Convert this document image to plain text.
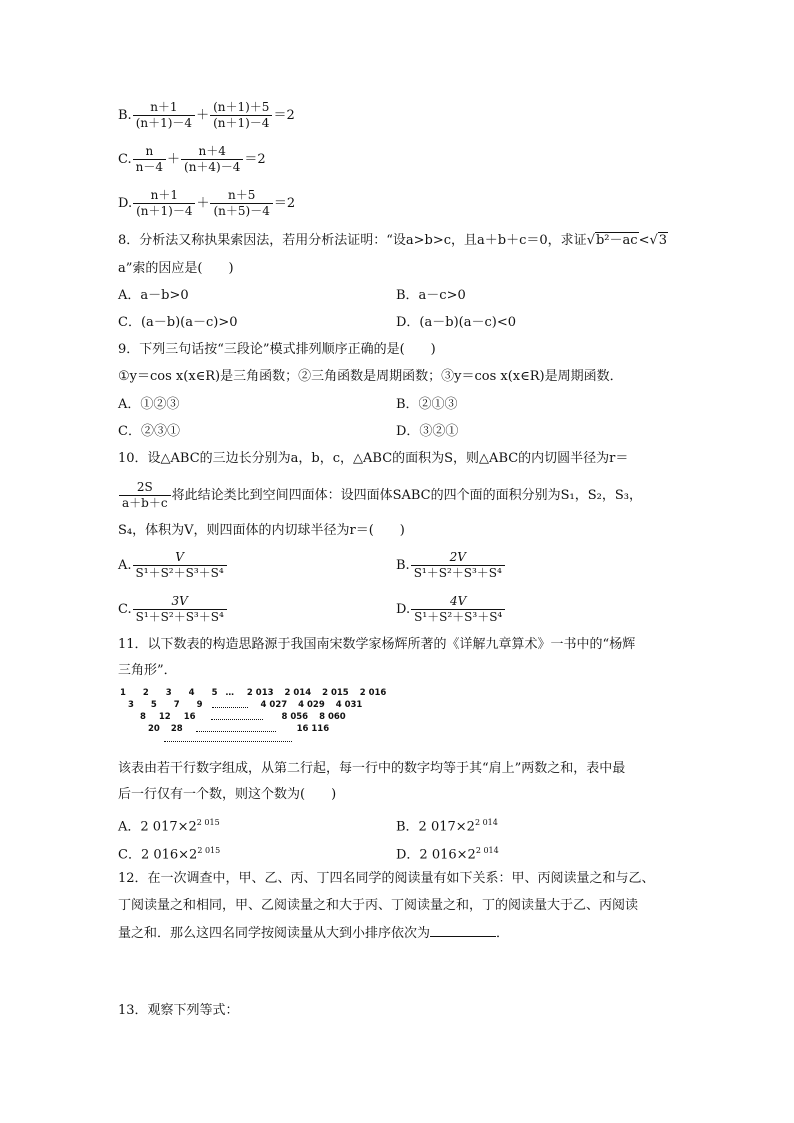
B. $\frac{n+1}{(n+1)-4} + \frac{(n+1)+5}{(n+1)-4} =2$
C. $\frac{n}{n-4} + \frac{n+4}{(n+4)-4} =2$
D. $\frac{n+1}{(n+1)-4} + \frac{n+5}{(n+5)-4} =2$
8．分析法又称执果索因法，若用分析法证明：“设a>b>c，且a＋b＋c＝0，求证√b²－ac<√3
a”索的因应是(　　)
A．a－b>0	B．a－c>0
C．(a－b)(a－c)>0	D．(a－b)(a－c)<0
9．下列三句话按“三段论”模式排列顺序正确的是(　　)
①y＝cos x(x∈R)是三角函数；②三角函数是周期函数；③y＝cos x(x∈R)是周期函数．
A．①②③	B．②①③
C．②③①	D．③②①
10．设△ABC的三边长分别为a，b，c，△ABC的面积为S，则△ABC的内切圆半径为r＝
$\frac{2S}{a+b+c}$ 将此结论类比到空间四面体：设四面体SABC的四个面的面积分别为S₁，S₂，S₃，
S₄，体积为V，则四面体的内切球半径为r＝(　　)
A. $\frac{V}{\text{S¹＋S²＋S³＋S⁴}}$	B. $\frac{2V}{\text{S¹＋S²＋S³＋S⁴}}$
C. $\frac{3V}{\text{S¹＋S²＋S³＋S⁴}}$	D. $\frac{4V}{\text{S¹＋S²＋S³＋S⁴}}$
11．以下数表的构造思路源于我国南宋数学家杨辉所著的《详解九章算术》一书中的“杨辉
三角形”．
1 2 3 4 5 … 2 013 2 014 2 015 2 016
3 5 7 9	4 027 4 029 4 031
8 12 16	8 056 8 060
20 28	16 116
该表由若干行数字组成，从第二行起，每一行中的数字均等于其“肩上”两数之和，表中最
后一行仅有一个数，则这个数为(　　)
A．2 $017\times 2^{2 015}$	B．2 $017\times 2^{2 014}$
C．2 $016\times 2^{2 015}$	D．2 $016\times 2^{2 014}$
12．在一次调查中，甲、乙、丙、丁四名同学的阅读量有如下关系：甲、丙阅读量之和与乙、
丁阅读量之和相同，甲、乙阅读量之和大于丙、丁阅读量之和，丁的阅读量大于乙、丙阅读
量之和．那么这四名同学按阅读量从大到小排序依次为	．
13．观察下列等式：
